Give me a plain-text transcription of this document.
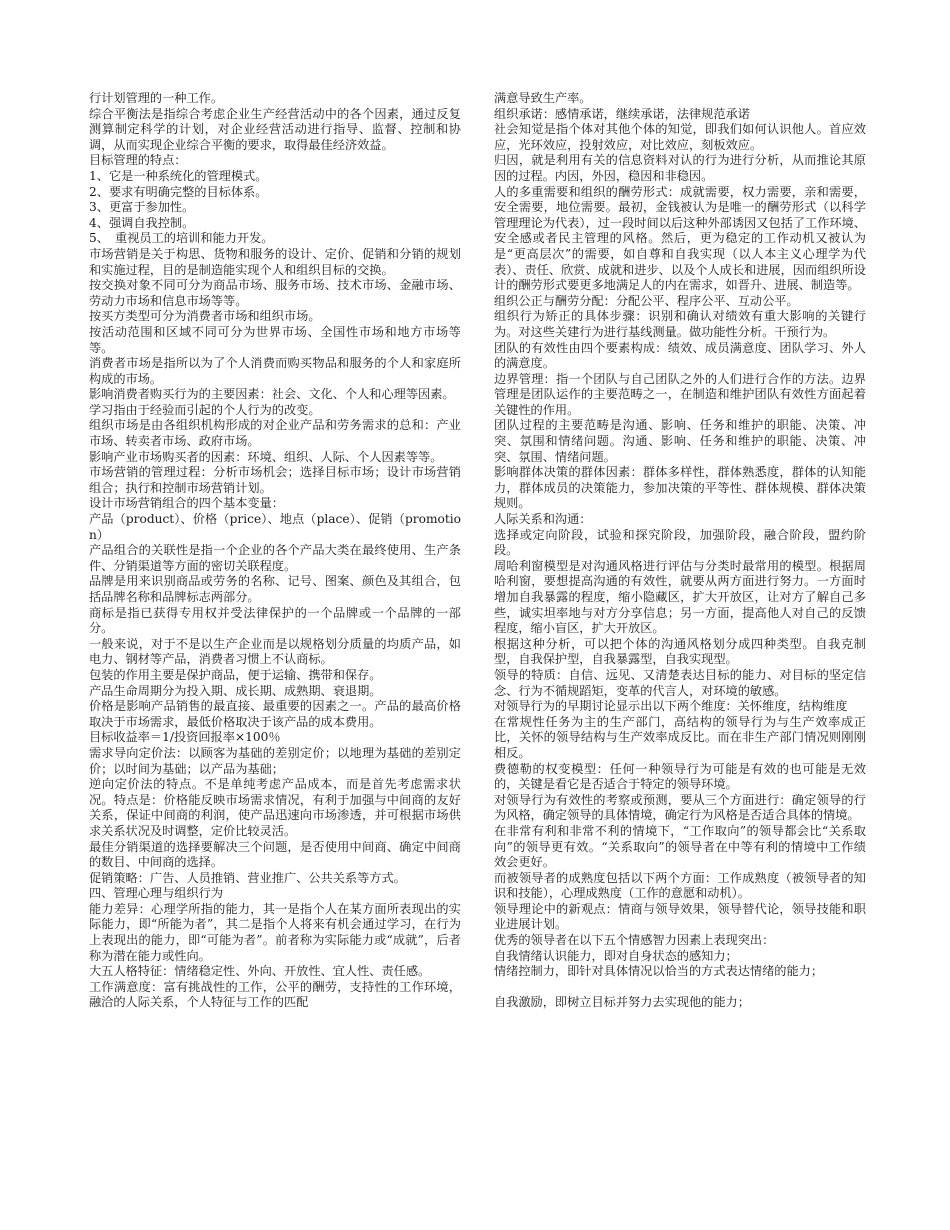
行计划管理的一种工作。

综合平衡法是指综合考虑企业生产经营活动中的各个因素，通过反复测算制定科学的计划，对企业经营活动进行指导、监督、控制和协调，从而实现企业综合平衡的要求，取得最佳经济效益。

目标管理的特点：

1、它是一种系统化的管理模式。

2、要求有明确完整的目标体系。

3、更富于参加性。

4、强调自我控制。

5、　重视员工的培训和能力开发。

市场营销是关于构思、货物和服务的设计、定价、促销和分销的规划和实施过程，目的是制造能实现个人和组织目标的交换。

按交换对象不同可分为商品市场、服务市场、技术市场、金融市场、劳动力市场和信息市场等等。

按买方类型可分为消费者市场和组织市场。

按活动范围和区域不同可分为世界市场、全国性市场和地方市场等等。

消费者市场是指所以为了个人消费而购买物品和服务的个人和家庭所构成的市场。

影响消费者购买行为的主要因素：社会、文化、个人和心理等因素。

学习指由于经验而引起的个人行为的改变。

组织市场是由各组织机构形成的对企业产品和劳务需求的总和：产业市场、转卖者市场、政府市场。

影响产业市场购买者的因素：环境、组织、人际、个人因素等等。

市场营销的管理过程：分析市场机会；选择目标市场；设计市场营销组合；执行和控制市场营销计划。

设计市场营销组合的四个基本变量：

产品（product）、价格（price）、地点（place）、促销（promotion）

产品组合的关联性是指一个企业的各个产品大类在最终使用、生产条件、分销渠道等方面的密切关联程度。

品牌是用来识别商品或劳务的名称、记号、图案、颜色及其组合，包括品牌名称和品牌标志两部分。

商标是指已获得专用权并受法律保护的一个品牌或一个品牌的一部分。

一般来说，对于不是以生产企业而是以规格划分质量的均质产品，如电力、钢材等产品，消费者习惯上不认商标。

包装的作用主要是保护商品，便于运输、携带和保存。

产品生命周期分为投入期、成长期、成熟期、衰退期。

价格是影响产品销售的最直接、最重要的因素之一。产品的最高价格取决于市场需求，最低价格取决于该产品的成本费用。

目标收益率＝1/投资回报率×100％

需求导向定价法：以顾客为基础的差别定价；以地理为基础的差别定价；以时间为基础；以产品为基础；

逆向定价法的特点。不是单纯考虑产品成本，而是首先考虑需求状况。特点是：价格能反映市场需求情况，有利于加强与中间商的友好关系，保证中间商的利润，使产品迅速向市场渗透，并可根据市场供求关系状况及时调整，定价比较灵活。

最佳分销渠道的选择要解决三个问题，是否使用中间商、确定中间商的数目、中间商的选择。

促销策略：广告、人员推销、营业推广、公共关系等方式。

四、管理心理与组织行为

能力差异：心理学所指的能力，其一是指个人在某方面所表现出的实际能力，即“所能为者”，其二是指个人将来有机会通过学习，在行为上表现出的能力，即“可能为者”。前者称为实际能力或“成就”，后者称为潜在能力或性向。

大五人格特征：情绪稳定性、外向、开放性、宜人性、责任感。

工作满意度：富有挑战性的工作，公平的酬劳，支持性的工作环境，融洽的人际关系，个人特征与工作的匹配

满意导致生产率。

组织承诺：感情承诺，继续承诺，法律规范承诺

社会知觉是指个体对其他个体的知觉，即我们如何认识他人。首应效应，光环效应，投射效应，对比效应，刻板效应。

归因，就是利用有关的信息资料对认的行为进行分析，从而推论其原因的过程。内因，外因，稳因和非稳因。

人的多重需要和组织的酬劳形式：成就需要，权力需要，亲和需要，安全需要，地位需要。最初，金钱被认为是唯一的酬劳形式（以科学管理理论为代表），过一段时间以后这种外部诱因又包括了工作环境、安全感或者民主管理的风格。然后，更为稳定的工作动机又被认为是“更高层次”的需要，如自尊和自我实现（以人本主义心理学为代表）、责任、欣赏、成就和进步、以及个人成长和进展，因而组织所设计的酬劳形式要更多地满足人的内在需求，如晋升、进展、制造等。

组织公正与酬劳分配：分配公平、程序公平、互动公平。

组织行为矫正的具体步骤：识别和确认对绩效有重大影响的关键行为。对这些关建行为进行基线测量。做功能性分析。干预行为。

团队的有效性由四个要素构成：绩效、成员满意度、团队学习、外人的满意度。

边界管理：指一个团队与自己团队之外的人们进行合作的方法。边界管理是团队运作的主要范畴之一，在制造和维护团队有效性方面起着关键性的作用。

团队过程的主要范畴是沟通、影响、任务和维护的职能、决策、冲突、氛围和情绪问题。沟通、影响、任务和维护的职能、决策、冲突、氛围、情绪问题。

影响群体决策的群体因素：群体多样性，群体熟悉度，群体的认知能力，群体成员的决策能力，参加决策的平等性、群体规模、群体决策规则。

人际关系和沟通：

选择或定向阶段，试验和探究阶段，加强阶段，融合阶段，盟约阶段。

周哈利窗模型是对沟通风格进行评估与分类时最常用的模型。根据周哈利窗，要想提高沟通的有效性，就要从两方面进行努力。一方面时增加自我暴露的程度，缩小隐藏区，扩大开放区，让对方了解自己多些，诚实坦率地与对方分享信息；另一方面，提高他人对自己的反馈程度，缩小盲区，扩大开放区。

根据这种分析，可以把个体的沟通风格划分成四种类型。自我克制型，自我保护型，自我暴露型，自我实现型。

领导的特质：自信、远见、又清楚表达目标的能力、对目标的坚定信念、行为不循规蹈矩，变革的代言人，对环境的敏感。

对领导行为的早期讨论显示出以下两个维度：关怀维度，结构维度

在常规性任务为主的生产部门，高结构的领导行为与生产效率成正比，关怀的领导结构与生产效率成反比。而在非生产部门情况则刚刚相反。

费德勒的权变模型：任何一种领导行为可能是有效的也可能是无效的，关键是看它是否适合于特定的领导环境。

对领导行为有效性的考察或预测，要从三个方面进行：确定领导的行为风格，确定领导的具体情境，确定行为风格是否适合具体的情境。

在非常有利和非常不利的情境下，“工作取向”的领导都会比“关系取向”的领导更有效。“关系取向”的领导者在中等有利的情境中工作绩效会更好。

而被领导者的成熟度包括以下两个方面：工作成熟度（被领导者的知识和技能），心理成熟度（工作的意愿和动机）。

领导理论中的新观点：情商与领导效果，领导替代论，领导技能和职业进展计划。

优秀的领导者在以下五个情感智力因素上表现突出：

自我情绪认识能力，即对自身状态的感知力；

情绪控制力，即针对具体情况以恰当的方式表达情绪的能力；

自我激励，即树立目标并努力去实现他的能力；
